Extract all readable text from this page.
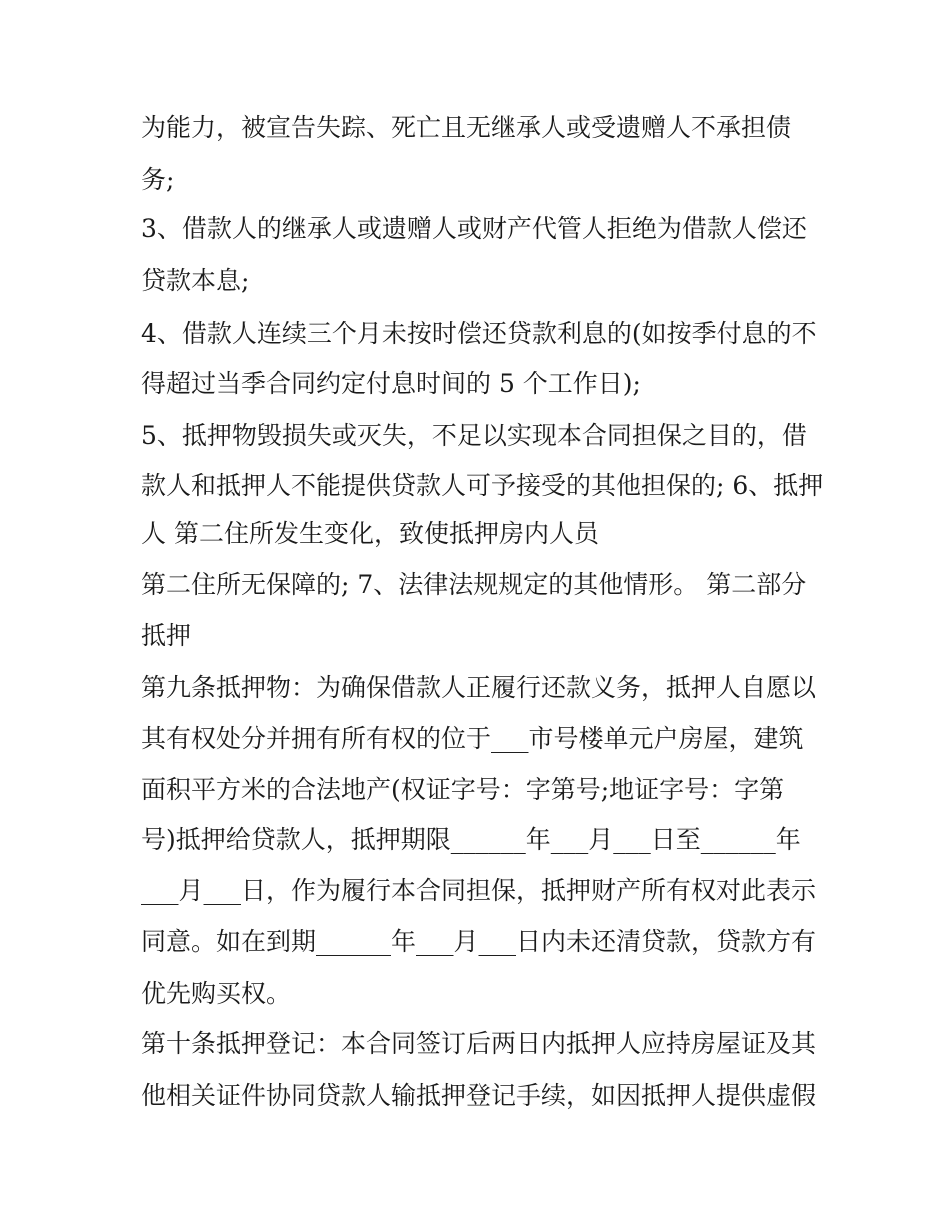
为能力，被宣告失踪、死亡且无继承人或受遗赠人不承担债
务;
3、借款人的继承人或遗赠人或财产代管人拒绝为借款人偿还
贷款本息;
4、借款人连续三个月未按时偿还贷款利息的(如按季付息的不
得超过当季合同约定付息时间的 5 个工作日);
5、抵押物毁损失或灭失，不足以实现本合同担保之目的，借
款人和抵押人不能提供贷款人可予接受的其他担保的; 6、抵押
人 第二住所发生变化，致使抵押房内人员
第二住所无保障的; 7、法律法规规定的其他情形。 第二部分
抵押
第九条抵押物：为确保借款人正履行还款义务，抵押人自愿以
其有权处分并拥有所有权的位于___市号楼单元户房屋，建筑
面积平方米的合法地产(权证字号：字第号;地证字号：字第
号)抵押给贷款人，抵押期限______年___月___日至______年
___月___日，作为履行本合同担保，抵押财产所有权对此表示
同意。如在到期______年___月___日内未还清贷款，贷款方有
优先购买权。
第十条抵押登记：本合同签订后两日内抵押人应持房屋证及其
他相关证件协同贷款人输抵押登记手续，如因抵押人提供虚假
